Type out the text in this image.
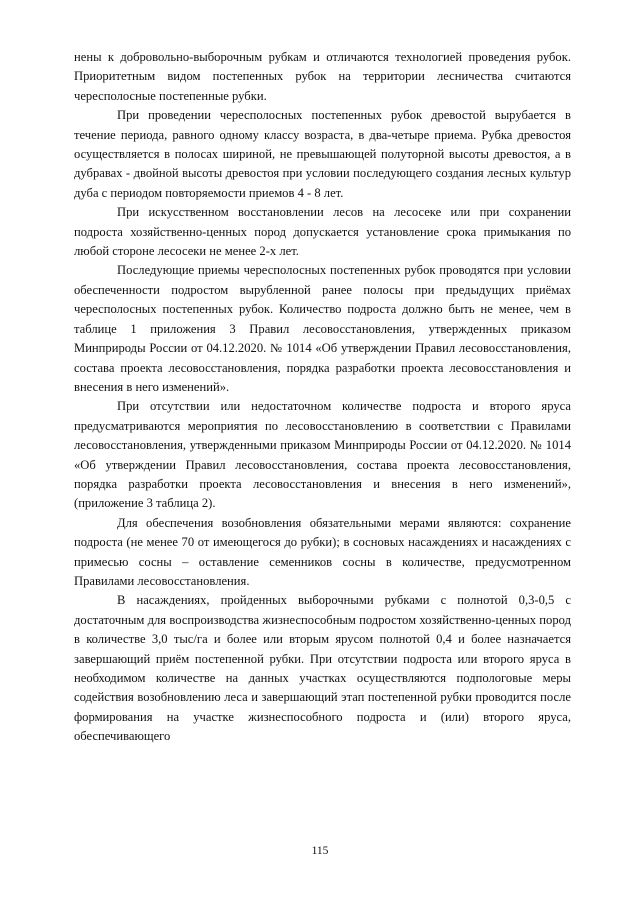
нены к добровольно-выборочным рубкам и отличаются технологией проведения рубок. Приоритетным видом постепенных рубок на территории лесничества считаются чересполосные постепенные рубки.

При проведении чересполосных постепенных рубок древостой вырубается в течение периода, равного одному классу возраста, в два-четыре приема. Рубка древостоя осуществляется в полосах шириной, не превышающей полуторной высоты древостоя, а в дубравах - двойной высоты древостоя при условии последующего создания лесных культур дуба с периодом повторяемости приемов 4 - 8 лет.

При искусственном восстановлении лесов на лесосеке или при сохранении подроста хозяйственно-ценных пород допускается установление срока примыкания по любой стороне лесосеки не менее 2-х лет.

Последующие приемы чересполосных постепенных рубок проводятся при условии обеспеченности подростом вырубленной ранее полосы при предыдущих приёмах чересполосных постепенных рубок. Количество подроста должно быть не менее, чем в таблице 1 приложения 3 Правил лесовосстановления, утвержденных приказом Минприроды России от 04.12.2020. № 1014 «Об утверждении Правил лесовосстановления, состава проекта лесовосстановления, порядка разработки проекта лесовосстановления и внесения в него изменений».

При отсутствии или недостаточном количестве подроста и второго яруса предусматриваются мероприятия по лесовосстановлению в соответствии с Правилами лесовосстановления, утвержденными приказом Минприроды России от 04.12.2020. № 1014 «Об утверждении Правил лесовосстановления, состава проекта лесовосстановления, порядка разработки проекта лесовосстановления и внесения в него изменений», (приложение 3 таблица 2).

Для обеспечения возобновления обязательными мерами являются: сохранение подроста (не менее 70 от имеющегося до рубки); в сосновых насаждениях и насаждениях с примесью сосны – оставление семенников сосны в количестве, предусмотренном Правилами лесовосстановления.

В насаждениях, пройденных выборочными рубками с полнотой 0,3-0,5 с достаточным для воспроизводства жизнеспособным подростом хозяйственно-ценных пород в количестве 3,0 тыс/га и более или вторым ярусом полнотой 0,4 и более назначается завершающий приём постепенной рубки. При отсутствии подроста или второго яруса в необходимом количестве на данных участках осуществляются подпологовые меры содействия возобновлению леса и завершающий этап постепенной рубки проводится после формирования на участке жизнеспособного подроста и (или) второго яруса, обеспечивающего

115
